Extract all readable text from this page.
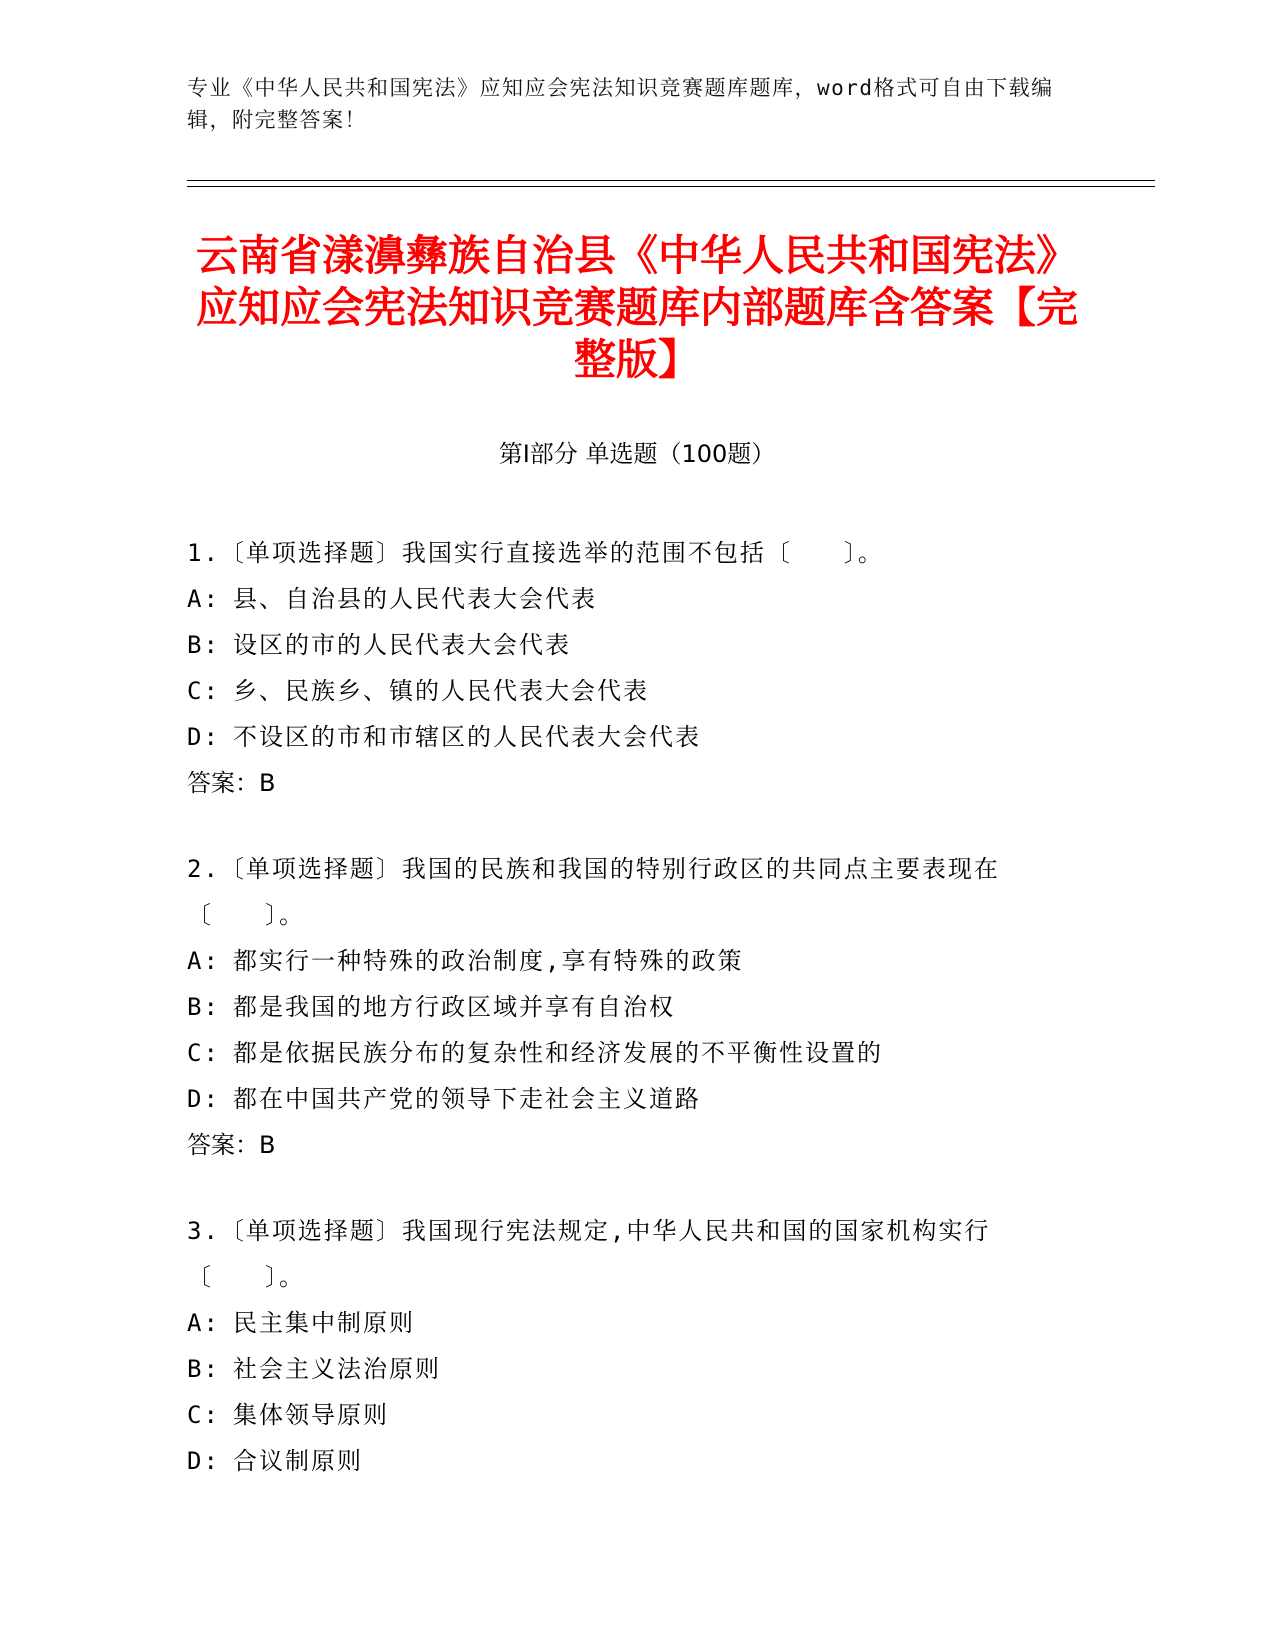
专业《中华人民共和国宪法》应知应会宪法知识竞赛题库题库，word格式可自由下载编辑，附完整答案！
云南省漾濞彝族自治县《中华人民共和国宪法》应知应会宪法知识竞赛题库内部题库含答案【完整版】
第Ⅰ部分 单选题（100题）

1.〔单项选择题〕我国实行直接选举的范围不包括〔　　〕。

A: 县、自治县的人民代表大会代表

B: 设区的市的人民代表大会代表

C: 乡、民族乡、镇的人民代表大会代表

D: 不设区的市和市辖区的人民代表大会代表

答案：B

2.〔单项选择题〕我国的民族和我国的特别行政区的共同点主要表现在〔　　〕。

A: 都实行一种特殊的政治制度,享有特殊的政策

B: 都是我国的地方行政区域并享有自治权

C: 都是依据民族分布的复杂性和经济发展的不平衡性设置的

D: 都在中国共产党的领导下走社会主义道路

答案：B

3.〔单项选择题〕我国现行宪法规定,中华人民共和国的国家机构实行〔　　〕。

A: 民主集中制原则

B: 社会主义法治原则

C: 集体领导原则

D: 合议制原则
